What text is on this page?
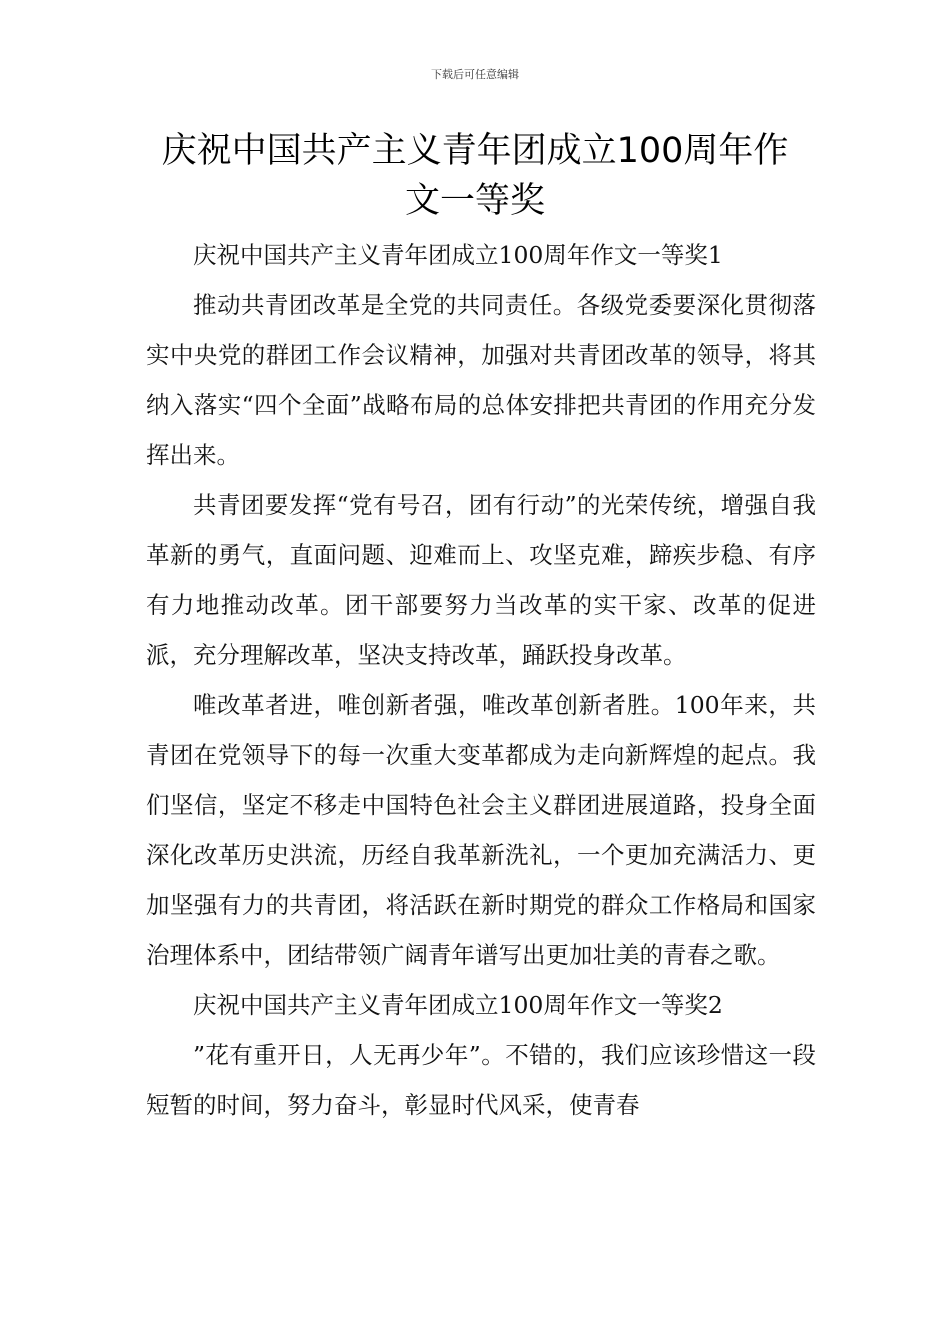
下载后可任意编辑
庆祝中国共产主义青年团成立100周年作
文一等奖

庆祝中国共产主义青年团成立100周年作文一等奖1

推动共青团改革是全党的共同责任。各级党委要深化贯彻落实中央党的群团工作会议精神，加强对共青团改革的领导，将其纳入落实“四个全面”战略布局的总体安排把共青团的作用充分发挥出来。

共青团要发挥“党有号召，团有行动”的光荣传统，增强自我革新的勇气，直面问题、迎难而上、攻坚克难，蹄疾步稳、有序有力地推动改革。团干部要努力当改革的实干家、改革的促进派，充分理解改革，坚决支持改革，踊跃投身改革。

唯改革者进，唯创新者强，唯改革创新者胜。100年来，共青团在党领导下的每一次重大变革都成为走向新辉煌的起点。我们坚信，坚定不移走中国特色社会主义群团进展道路，投身全面深化改革历史洪流，历经自我革新洗礼，一个更加充满活力、更加坚强有力的共青团，将活跃在新时期党的群众工作格局和国家治理体系中，团结带领广阔青年谱写出更加壮美的青春之歌。

庆祝中国共产主义青年团成立100周年作文一等奖2

”花有重开日，人无再少年”。不错的，我们应该珍惜这一段短暂的时间，努力奋斗，彰显时代风采，使青春
